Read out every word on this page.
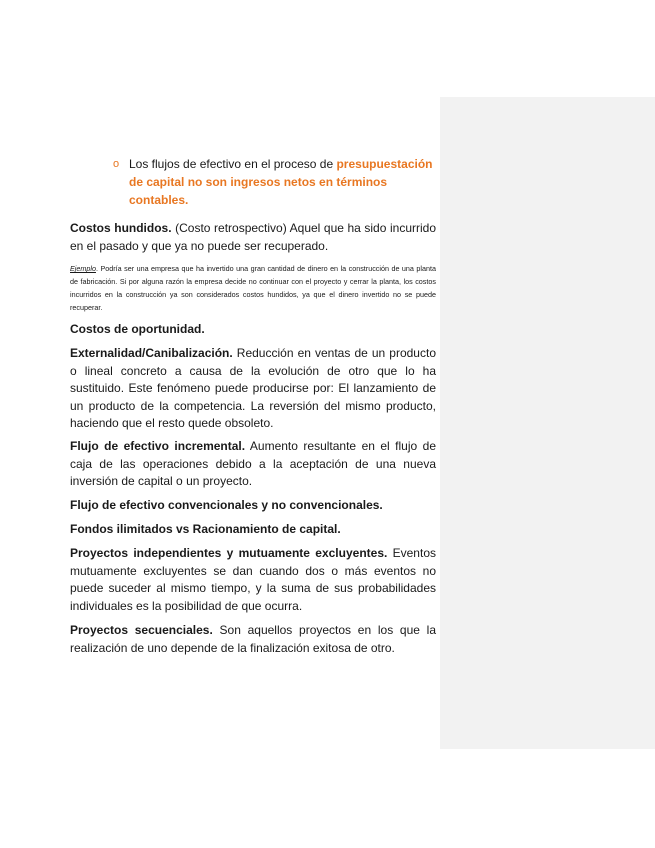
o Los flujos de efectivo en el proceso de presupuestación de capital no son ingresos netos en términos contables.
Costos hundidos. (Costo retrospectivo) Aquel que ha sido incurrido en el pasado y que ya no puede ser recuperado.
Ejemplo. Podría ser una empresa que ha invertido una gran cantidad de dinero en la construcción de una planta de fabricación. Si por alguna razón la empresa decide no continuar con el proyecto y cerrar la planta, los costos incurridos en la construcción ya son considerados costos hundidos, ya que el dinero invertido no se puede recuperar.
Costos de oportunidad.
Externalidad/Canibalización. Reducción en ventas de un producto o lineal concreto a causa de la evolución de otro que lo ha sustituido. Este fenómeno puede producirse por: El lanzamiento de un producto de la competencia. La reversión del mismo producto, haciendo que el resto quede obsoleto.
Flujo de efectivo incremental. Aumento resultante en el flujo de caja de las operaciones debido a la aceptación de una nueva inversión de capital o un proyecto.
Flujo de efectivo convencionales y no convencionales.
Fondos ilimitados vs Racionamiento de capital.
Proyectos independientes y mutuamente excluyentes. Eventos mutuamente excluyentes se dan cuando dos o más eventos no puede suceder al mismo tiempo, y la suma de sus probabilidades individuales es la posibilidad de que ocurra.
Proyectos secuenciales. Son aquellos proyectos en los que la realización de uno depende de la finalización exitosa de otro.
